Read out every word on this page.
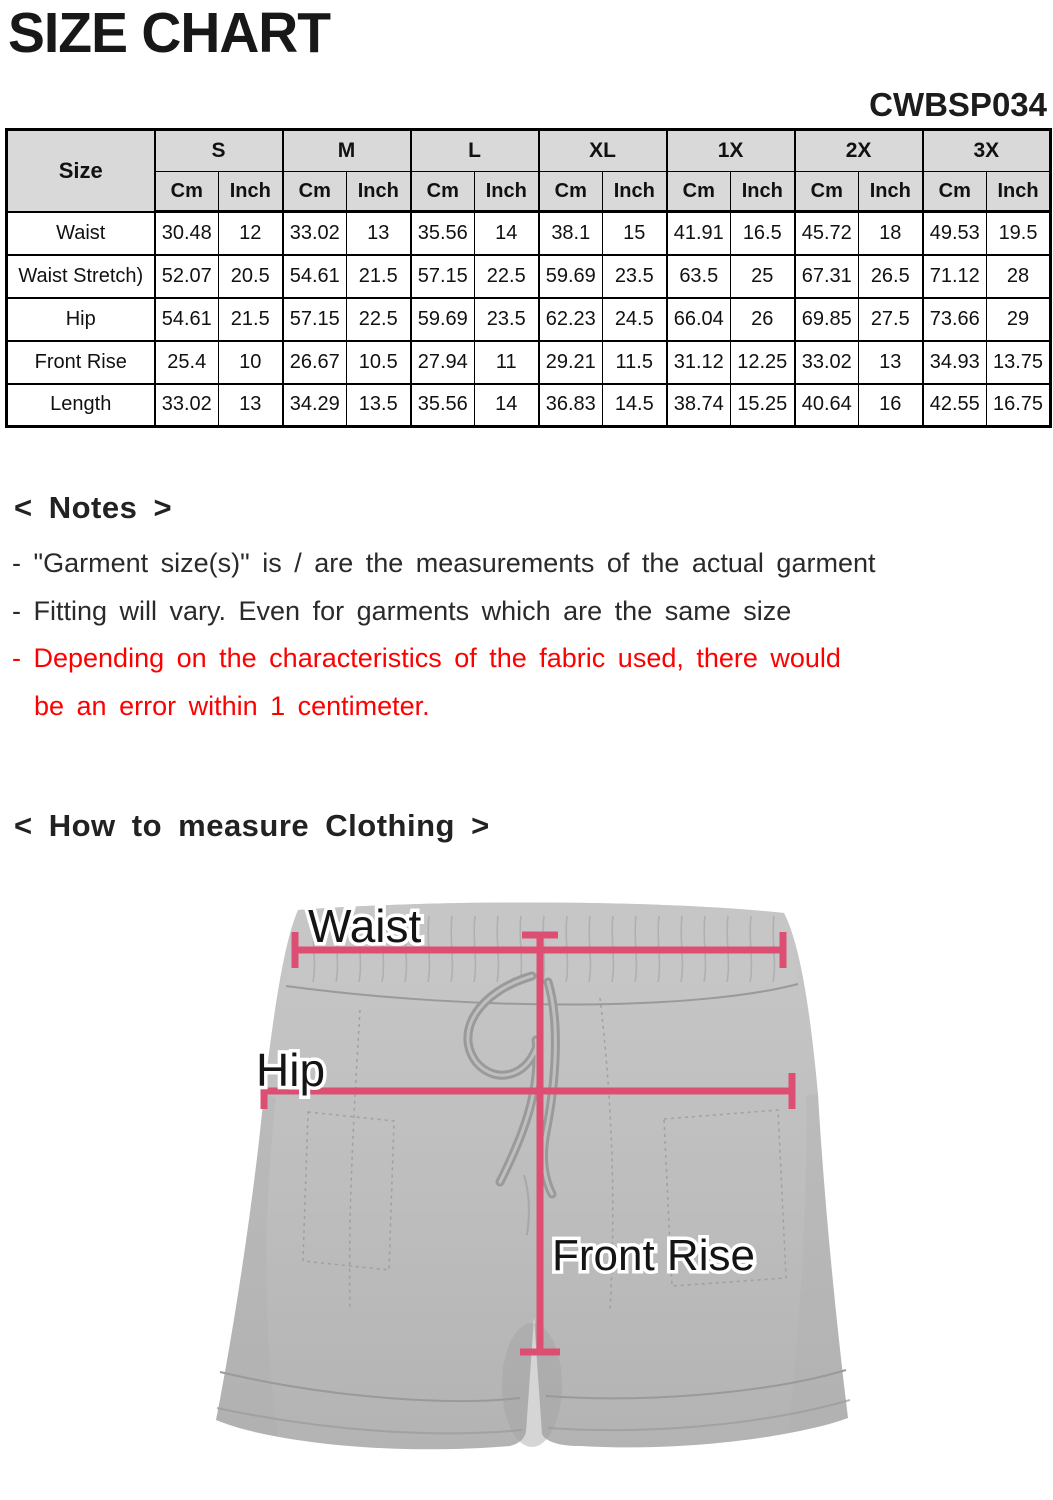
SIZE CHART
CWBSP034
Size	S		M		L		XL		1X		2X		3X	
	Cm	Inch	Cm	Inch	Cm	Inch	Cm	Inch	Cm	Inch	Cm	Inch	Cm	Inch
Waist	30.48	12	33.02	13	35.56	14	38.1	15	41.91	16.5	45.72	18	49.53	19.5
Waist Stretch)	52.07	20.5	54.61	21.5	57.15	22.5	59.69	23.5	63.5	25	67.31	26.5	71.12	28
Hip	54.61	21.5	57.15	22.5	59.69	23.5	62.23	24.5	66.04	26	69.85	27.5	73.66	29
Front Rise	25.4	10	26.67	10.5	27.94	11	29.21	11.5	31.12	12.25	33.02	13	34.93	13.75
Length	33.02	13	34.29	13.5	35.56	14	36.83	14.5	38.74	15.25	40.64	16	42.55	16.75
< Notes >
- "Garment size(s)" is / are the measurements of the actual garment
- Fitting will vary. Even for garments which are the same size
- Depending on the characteristics of the fabric used, there would
be an error within 1 centimeter.
< How to measure Clothing >
Waist
Hip
Front Rise
